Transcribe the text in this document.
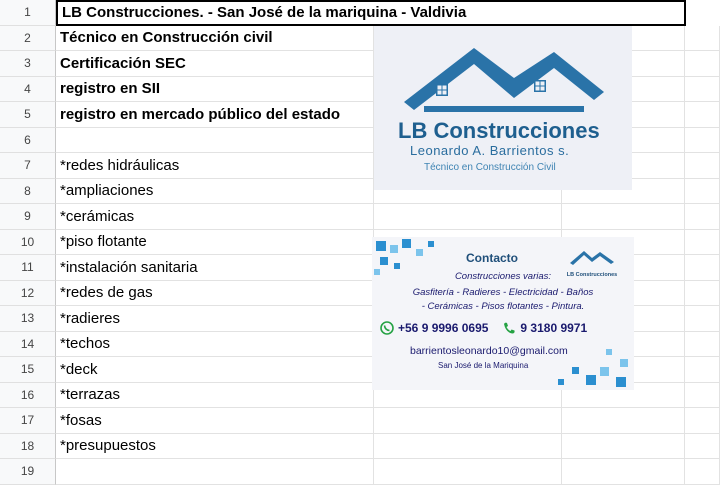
1	LB Construcciones. - San José de la mariquina - Valdivia
2	Técnico en Construcción civil
3	Certificación SEC
4	registro en SII
5	registro en mercado público del estado
6
7	*redes hidráulicas
8	*ampliaciones
9	*cerámicas
10	*piso flotante
11	*instalación sanitaria
12	*redes de gas
13	*radieres
14	*techos
15	*deck
16	*terrazas
17	*fosas
18	*presupuestos
19
LB Construcciones
Leonardo A. Barrientos s.
Técnico en Construcción Civil
Contacto
LB Construcciones
Construcciones varias:
Gasfitería - Radieres - Electricidad - Baños
- Cerámicas - Pisos flotantes - Pintura.
+56 9 9996 0695	9 3180 9971
barrientosleonardo10@gmail.com
San José de la Mariquina
